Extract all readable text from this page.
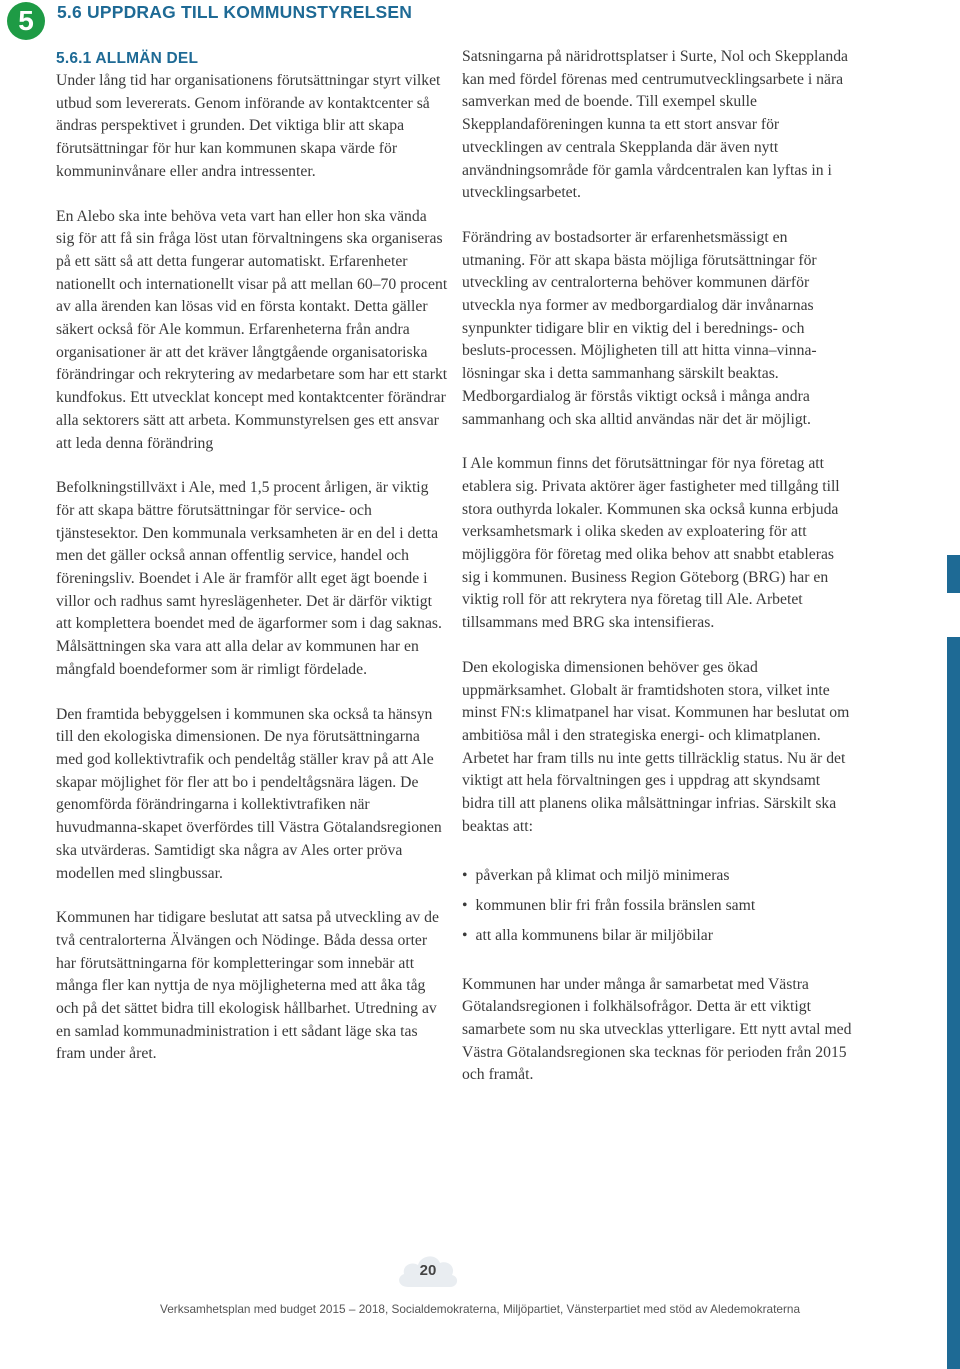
5	5.6 UPPDRAG TILL KOMMUNSTYRELSEN
5.6.1 ALLMÄN DEL

Under lång tid har organisationens förutsättningar styrt vilket utbud som levererats. Genom införande av kontaktcenter så ändras perspektivet i grunden. Det viktiga blir att skapa förutsättningar för hur kan kommunen skapa värde för kommuninvånare eller andra intressenter.

En Alebo ska inte behöva veta vart han eller hon ska vända sig för att få sin fråga löst utan förvaltningens ska organiseras på ett sätt så att detta fungerar automatiskt. Erfarenheter nationellt och internationellt visar på att mellan 60–70 procent av alla ärenden kan lösas vid en första kontakt. Detta gäller säkert också för Ale kommun. Erfarenheterna från andra organisationer är att det kräver långtgående organisatoriska förändringar och rekrytering av medarbetare som har ett starkt kundfokus. Ett utvecklat koncept med kontaktcenter förändrar alla sektorers sätt att arbeta. Kommunstyrelsen ges ett ansvar att leda denna förändring

Befolkningstillväxt i Ale, med 1,5 procent årligen, är viktig för att skapa bättre förutsättningar för service- och tjänstesektor. Den kommunala verksamheten är en del i detta men det gäller också annan offentlig service, handel och föreningsliv. Boendet i Ale är framför allt eget ägt boende i villor och radhus samt hyreslägenheter. Det är därför viktigt att komplettera boendet med de ägarformer som i dag saknas. Målsättningen ska vara att alla delar av kommunen har en mångfald boendeformer som är rimligt fördelade.

Den framtida bebyggelsen i kommunen ska också ta hänsyn till den ekologiska dimensionen. De nya förutsättningarna med god kollektivtrafik och pendeltåg ställer krav på att Ale skapar möjlighet för fler att bo i pendeltågsnära lägen. De genomförda förändringarna i kollektivtrafiken när huvudmanna-skapet överfördes till Västra Götalandsregionen ska utvärderas. Samtidigt ska några av Ales orter pröva modellen med slingbussar.

Kommunen har tidigare beslutat att satsa på utveckling av de två centralorterna Älvängen och Nödinge. Båda dessa orter har förutsättningarna för kompletteringar som innebär att många fler kan nyttja de nya möjligheterna med att åka tåg och på det sättet bidra till ekologisk hållbarhet. Utredning av en samlad kommunadministration i ett sådant läge ska tas fram under året.

Satsningarna på näridrottsplatser i Surte, Nol och Skepplanda kan med fördel förenas med centrumutvecklingsarbete i nära samverkan med de boende. Till exempel skulle Skepplandaföreningen kunna ta ett stort ansvar för utvecklingen av centrala Skepplanda där även nytt användningsområde för gamla vårdcentralen kan lyftas in i utvecklingsarbetet.

Förändring av bostadsorter är erfarenhetsmässigt en utmaning. För att skapa bästa möjliga förutsättningar för utveckling av centralorterna behöver kommunen därför utveckla nya former av medborgardialog där invånarnas synpunkter tidigare blir en viktig del i berednings- och besluts-processen. Möjligheten till att hitta vinna–vinna-lösningar ska i detta sammanhang särskilt beaktas. Medborgardialog är förstås viktigt också i många andra sammanhang och ska alltid användas när det är möjligt.

I Ale kommun finns det förutsättningar för nya företag att etablera sig. Privata aktörer äger fastigheter med tillgång till stora outhyrda lokaler. Kommunen ska också kunna erbjuda verksamhetsmark i olika skeden av exploatering för att möjliggöra för företag med olika behov att snabbt etableras sig i kommunen. Business Region Göteborg (BRG) har en viktig roll för att rekrytera nya företag till Ale. Arbetet tillsammans med BRG ska intensifieras.

Den ekologiska dimensionen behöver ges ökad uppmärksamhet. Globalt är framtidshoten stora, vilket inte minst FN:s klimatpanel har visat. Kommunen har beslutat om ambitiösa mål i den strategiska energi- och klimatplanen. Arbetet har fram tills nu inte getts tillräcklig status. Nu är det viktigt att hela förvaltningen ges i uppdrag att skyndsamt bidra till att planens olika målsättningar infrias. Särskilt ska beaktas att:

• påverkan på klimat och miljö minimeras
• kommunen blir fri från fossila bränslen samt
• att alla kommunens bilar är miljöbilar

Kommunen har under många år samarbetat med Västra Götalandsregionen i folkhälsofrågor. Detta är ett viktigt samarbete som nu ska utvecklas ytterligare. Ett nytt avtal med Västra Götalandsregionen ska tecknas för perioden från 2015 och framåt.

20
Verksamhetsplan med budget 2015 – 2018, Socialdemokraterna, Miljöpartiet, Vänsterpartiet med stöd av Aledemokraterna
